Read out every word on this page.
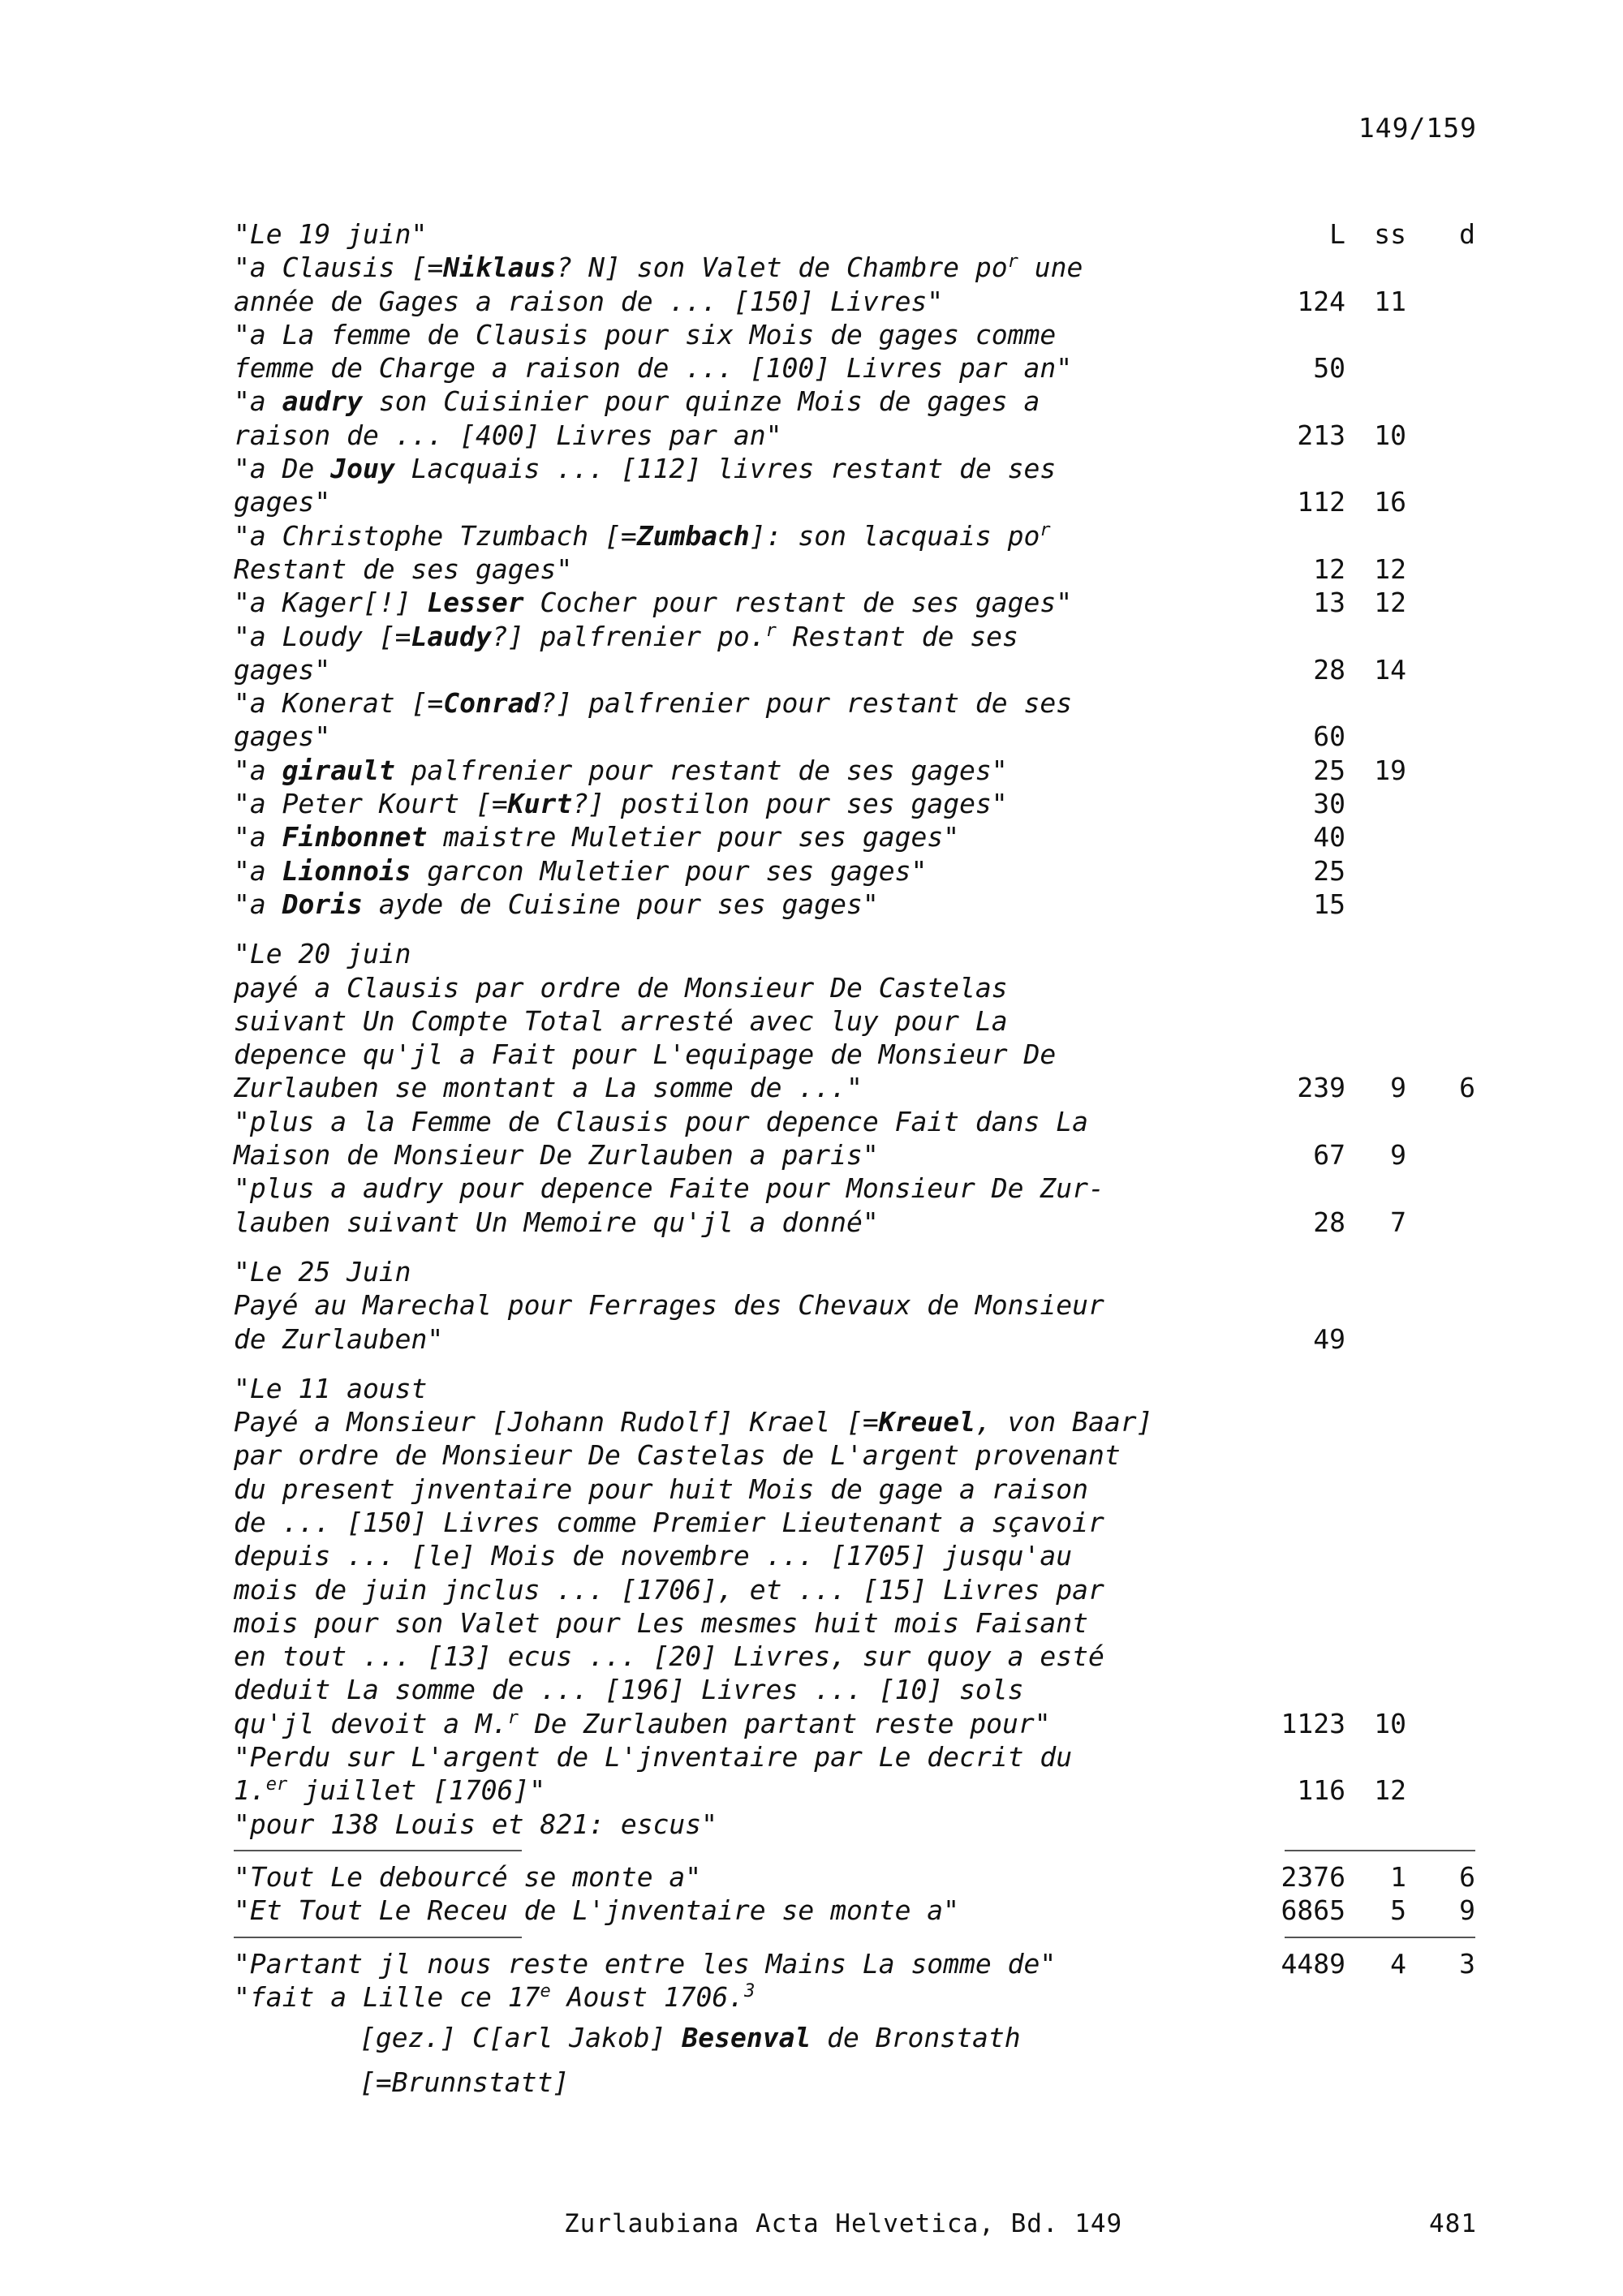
149/159
"Le 19 juin"	L	ss	d
"a Clausis [=Niklaus? N] son Valet de Chambre $po^r$ une
année de Gages a raison de ... [150] Livres"	124	11
"a La femme de Clausis pour six Mois de gages comme
femme de Charge a raison de ... [100] Livres par an"	50
"a audry son Cuisinier pour quinze Mois de gages a
raison de ... [400] Livres par an"	213	10
"a De Jouy Lacquais ... [112] livres restant de ses
gages"	112	16
"a Christophe Tzumbach [=Zumbach]: son lacquais $po^r$
Restant de ses gages"	12	12
"a Kager[!] Lesser Cocher pour restant de ses gages"	13	12
"a Loudy [=Laudy?] palfrenier po.$^r$ Restant de ses
gages"	28	14
"a Konerat [=Conrad?] palfrenier pour restant de ses
gages"	60
"a girault palfrenier pour restant de ses gages"	25	19
"a Peter Kourt [=Kurt?] postilon pour ses gages"	30
"a Finbonnet maistre Muletier pour ses gages"	40
"a Lionnois garcon Muletier pour ses gages"	25
"a Doris ayde de Cuisine pour ses gages"	15
"Le 20 juin
payé a Clausis par ordre de Monsieur De Castelas
suivant Un Compte Total arresté avec luy pour La
depence qu'jl a Fait pour L'equipage de Monsieur De
Zurlauben se montant a La somme de ..."	239	9	6
"plus a la Femme de Clausis pour depence Fait dans La
Maison de Monsieur De Zurlauben a paris"	67	9
"plus a audry pour depence Faite pour Monsieur De Zur-
lauben suivant Un Memoire qu'jl a donné"	28	7
"Le 25 Juin
Payé au Marechal pour Ferrages des Chevaux de Monsieur
de Zurlauben"	49
"Le 11 aoust
Payé a Monsieur [Johann Rudolf] Krael [=Kreuel, von Baar]
par ordre de Monsieur De Castelas de L'argent provenant
du present jnventaire pour huit Mois de gage a raison
de ... [150] Livres comme Premier Lieutenant a sçavoir
depuis ... [le] Mois de novembre ... [1705] jusqu'au
mois de juin jnclus ... [1706], et ... [15] Livres par
mois pour son Valet pour Les mesmes huit mois Faisant
en tout ... [13] ecus ... [20] Livres, sur quoy a esté
deduit La somme de ... [196] Livres ... [10] sols
qu'jl devoit a M.$^r$ De Zurlauben partant reste pour"	1123	10
"Perdu sur L'argent de L'jnventaire par Le decrit du
1.$^{er}$ juillet [1706]"	116	12
"pour 138 Louis et 821: escus"
"Tout Le debourcé se monte a"	2376	1	6
"Et Tout Le Receu de L'jnventaire se monte a"	6865	5	9
"Partant jl nous reste entre les Mains La somme de"	4489	4	3
"fait a Lille ce 17e Aoust 1706.$^3$
[gez.] C[arl Jakob] Besenval de Bronstath
[=Brunnstatt]
Zurlaubiana Acta Helvetica, Bd. 149	481
